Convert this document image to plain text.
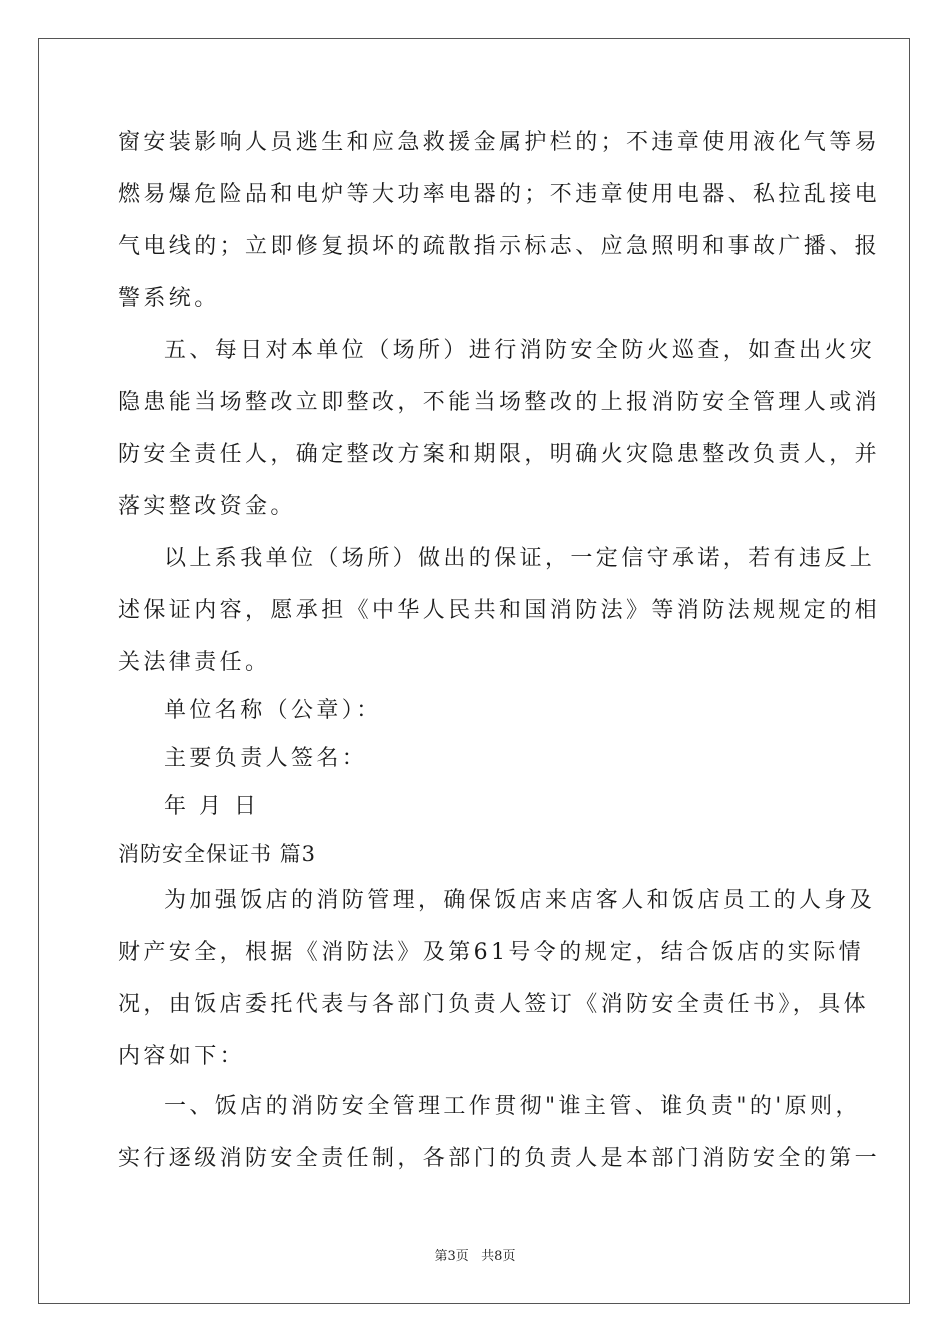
窗安装影响人员逃生和应急救援金属护栏的；不违章使用液化气等易
燃易爆危险品和电炉等大功率电器的；不违章使用电器、私拉乱接电
气电线的；立即修复损坏的疏散指示标志、应急照明和事故广播、报
警系统。
五、每日对本单位（场所）进行消防安全防火巡查，如查出火灾
隐患能当场整改立即整改，不能当场整改的上报消防安全管理人或消
防安全责任人，确定整改方案和期限，明确火灾隐患整改负责人，并
落实整改资金。
以上系我单位（场所）做出的保证，一定信守承诺，若有违反上
述保证内容，愿承担《中华人民共和国消防法》等消防法规规定的相
关法律责任。
单位名称（公章）：
主要负责人签名：
年 月 日
消防安全保证书 篇3
为加强饭店的消防管理，确保饭店来店客人和饭店员工的人身及
财产安全，根据《消防法》及第61号令的规定，结合饭店的实际情
况，由饭店委托代表与各部门负责人签订《消防安全责任书》，具体
内容如下：
一、饭店的消防安全管理工作贯彻"谁主管、谁负责"的'原则，
实行逐级消防安全责任制，各部门的负责人是本部门消防安全的第一
第3页   共8页
